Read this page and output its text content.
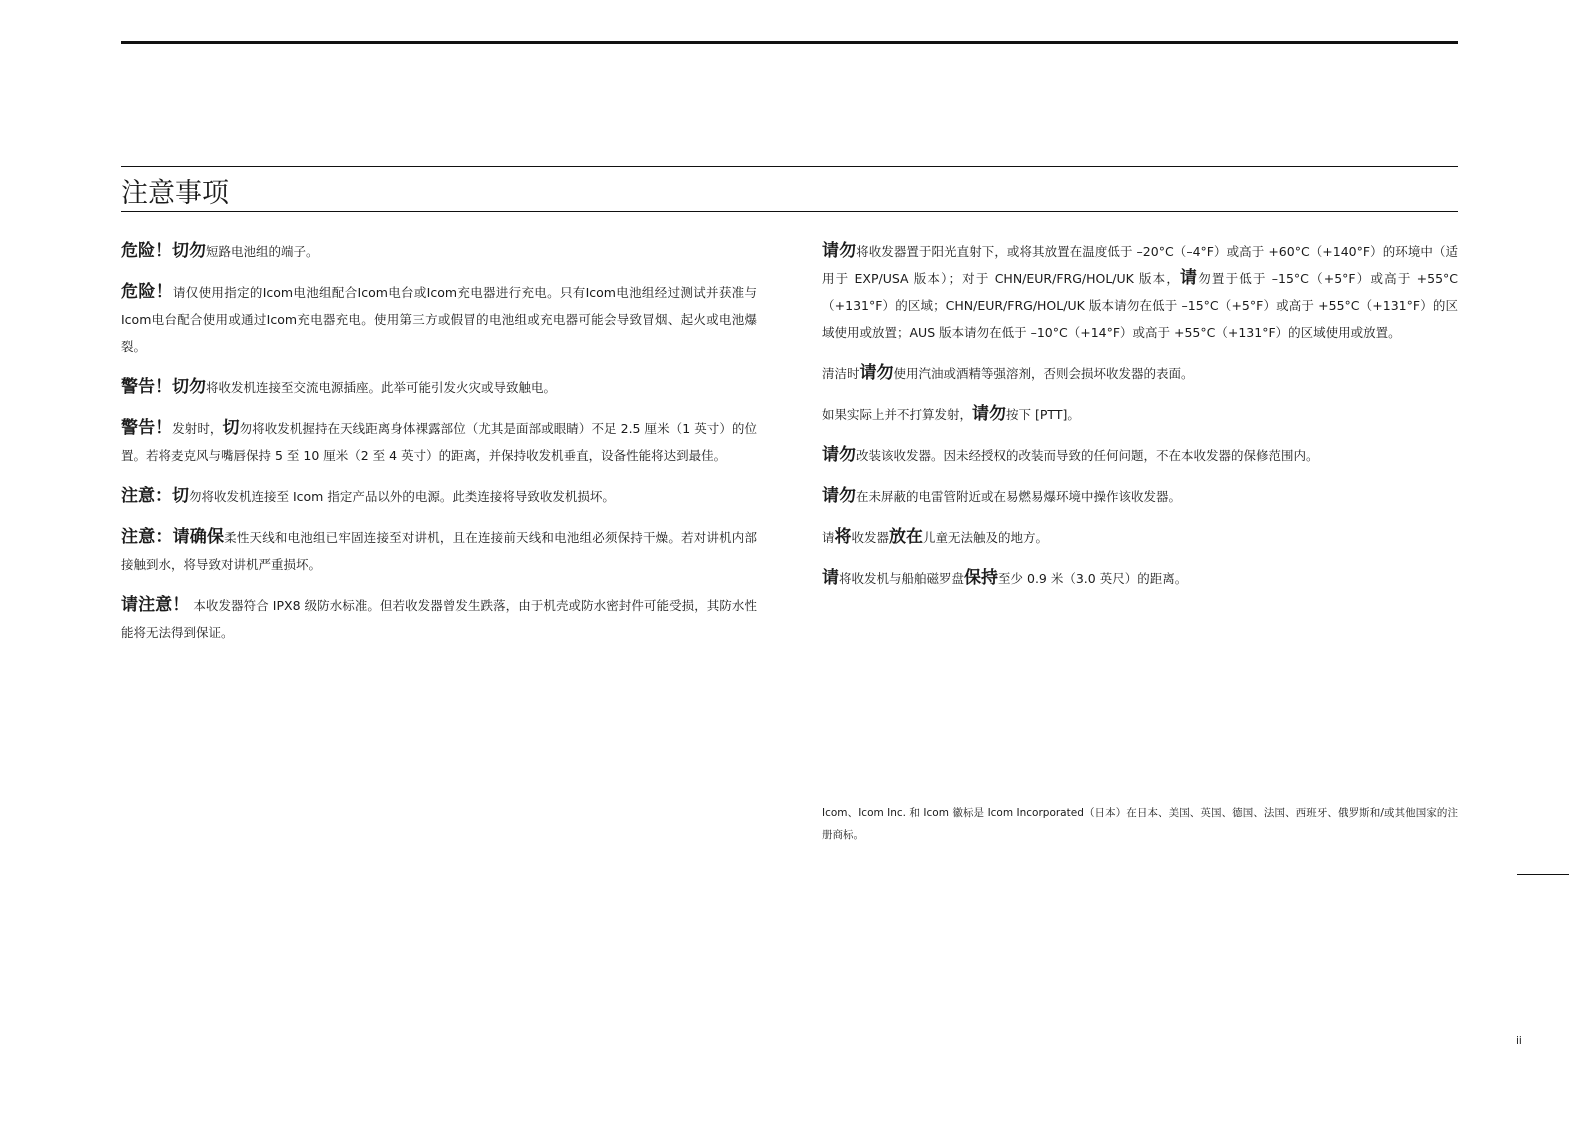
注意事项

危险！切勿短路电池组的端子。

危险！请仅使用指定的Icom电池组配合Icom电台或Icom充电器进行充电。只有Icom电池组经过测试并获准与Icom电台配合使用或通过Icom充电器充电。使用第三方或假冒的电池组或充电器可能会导致冒烟、起火或电池爆裂。

警告！切勿将收发机连接至交流电源插座。此举可能引发火灾或导致触电。

警告！发射时，切勿将收发机握持在天线距离身体裸露部位（尤其是面部或眼睛）不足 2.5 厘米（1 英寸）的位置。若将麦克风与嘴唇保持 5 至 10 厘米（2 至 4 英寸）的距离，并保持收发机垂直，设备性能将达到最佳。

注意：切勿将收发机连接至 Icom 指定产品以外的电源。此类连接将导致收发机损坏。

注意：请确保柔性天线和电池组已牢固连接至对讲机，且在连接前天线和电池组必须保持干燥。若对讲机内部接触到水，将导致对讲机严重损坏。

请注意！ 本收发器符合 IPX8 级防水标准。但若收发器曾发生跌落，由于机壳或防水密封件可能受损，其防水性能将无法得到保证。

请勿将收发器置于阳光直射下，或将其放置在温度低于 –20°C（–4°F）或高于 +60°C（+140°F）的环境中（适用于 EXP/USA 版本）；对于 CHN/EUR/FRG/HOL/UK 版本，请勿置于低于 –15°C（+5°F）或高于 +55°C（+131°F）的区域；CHN/EUR/FRG/HOL/UK 版本请勿在低于 –15°C（+5°F）或高于 +55°C（+131°F）的区域使用或放置；AUS 版本请勿在低于 –10°C（+14°F）或高于 +55°C（+131°F）的区域使用或放置。

清洁时请勿使用汽油或酒精等强溶剂，否则会损坏收发器的表面。

如果实际上并不打算发射，请勿按下 [PTT]。

请勿改装该收发器。因未经授权的改装而导致的任何问题，不在本收发器的保修范围内。

请勿在未屏蔽的电雷管附近或在易燃易爆环境中操作该收发器。

请将收发器放在儿童无法触及的地方。

请将收发机与船舶磁罗盘保持至少 0.9 米（3.0 英尺）的距离。

Icom、Icom Inc. 和 Icom 徽标是 Icom Incorporated（日本）在日本、美国、英国、德国、法国、西班牙、俄罗斯和/或其他国家的注册商标。

ii
